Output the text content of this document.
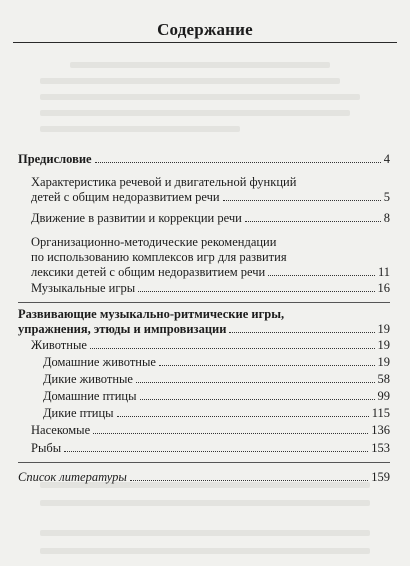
Содержание
Предисловие	4
Характеристика речевой и двигательной функций
детей с общим недоразвитием речи	5
Движение в развитии и коррекции речи	8
Организационно-методические рекомендации
по использованию комплексов игр для развития
лексики детей с общим недоразвитием речи	11
Музыкальные игры	16
Развивающие музыкально-ритмические игры,
упражнения, этюды и импровизации	19
Животные	19
Домашние животные	19
Дикие животные	58
Домашние птицы	99
Дикие птицы	115
Насекомые	136
Рыбы	153
Список литературы	159
